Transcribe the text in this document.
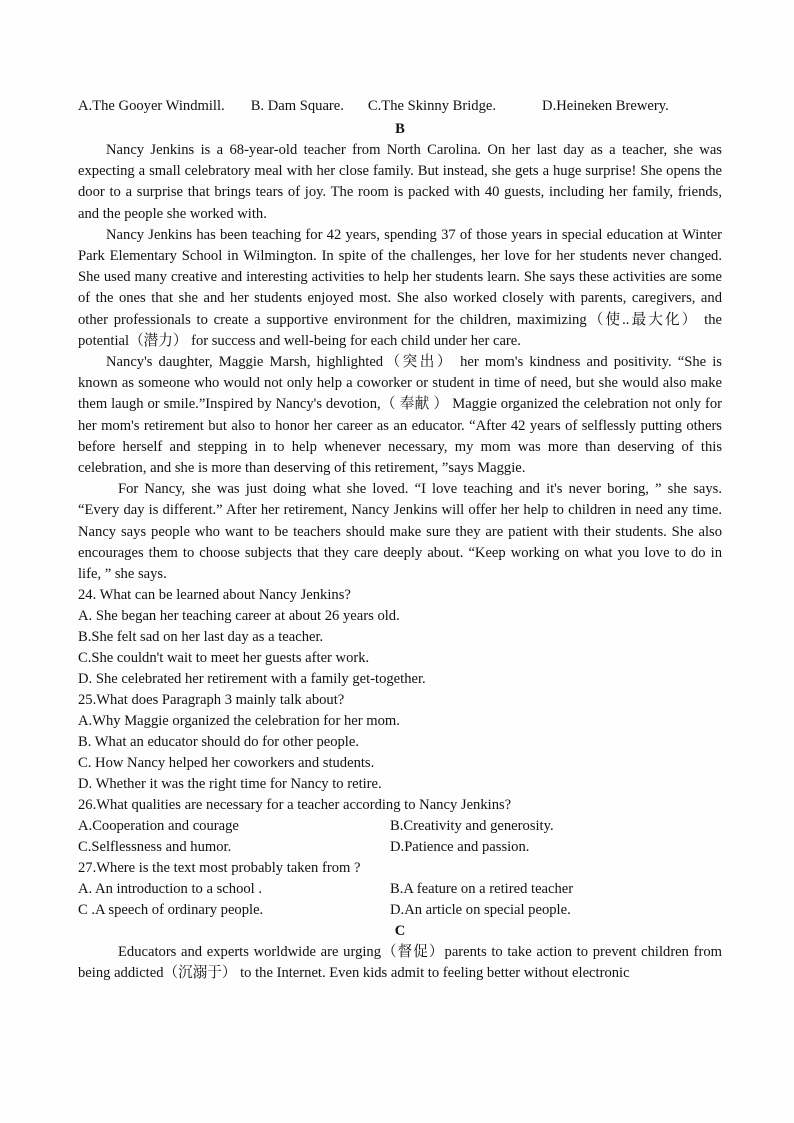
A.The Gooyer Windmill. B. Dam Square. C.The Skinny Bridge.	D.Heineken Brewery.
B

Nancy Jenkins is a 68-year-old teacher from North Carolina. On her last day as a teacher, she was expecting a small celebratory meal with her close family. But instead, she gets a huge surprise! She opens the door to a surprise that brings tears of joy. The room is packed with 40 guests, including her family, friends, and the people she worked with.

Nancy Jenkins has been teaching for 42 years, spending 37 of those years in special education at Winter Park Elementary School in Wilmington. In spite of the challenges, her love for her students never changed. She used many creative and interesting activities to help her students learn. She says these activities are some of the ones that she and her students enjoyed most. She also worked closely with parents, caregivers, and other professionals to create a supportive environment for the children, maximizing（使..最大化） the potential（潜力） for success and well-being for each child under her care.

Nancy's daughter, Maggie Marsh, highlighted（突出） her mom's kindness and positivity. “She is known as someone who would not only help a coworker or student in time of need, but she would also make them laugh or smile.”Inspired by Nancy's devotion,（ 奉献 ） Maggie organized the celebration not only for her mom's retirement but also to honor her career as an educator. “After 42 years of selflessly putting others before herself and stepping in to help whenever necessary, my mom was more than deserving of this celebration, and she is more than deserving of this retirement, ”says Maggie.

For Nancy, she was just doing what she loved. “I love teaching and it's never boring, ” she says. “Every day is different.” After her retirement, Nancy Jenkins will offer her help to children in need any time. Nancy says people who want to be teachers should make sure they are patient with their students. She also encourages them to choose subjects that they care deeply about. “Keep working on what you love to do in life, ” she says.

24. What can be learned about Nancy Jenkins?
A. She began her teaching career at about 26 years old.
B.She felt sad on her last day as a teacher.
C.She couldn't wait to meet her guests after work.
D. She celebrated her retirement with a family get-together.
25.What does Paragraph 3 mainly talk about?
A.Why Maggie organized the celebration for her mom.
B. What an educator should do for other people.
C. How Nancy helped her coworkers and students.
D. Whether it was the right time for Nancy to retire.
26.What qualities are necessary for a teacher according to Nancy Jenkins?
A.Cooperation and courage	B.Creativity and generosity.
C.Selflessness and humor.	D.Patience and passion.
27.Where is the text most probably taken from ?
A. An introduction to a school .	B.A feature on a retired teacher
C .A speech of ordinary people.	D.An article on special people.
C

Educators and experts worldwide are urging（督促）parents to take action to prevent children from being addicted（沉溺于） to the Internet. Even kids admit to feeling better without electronic
